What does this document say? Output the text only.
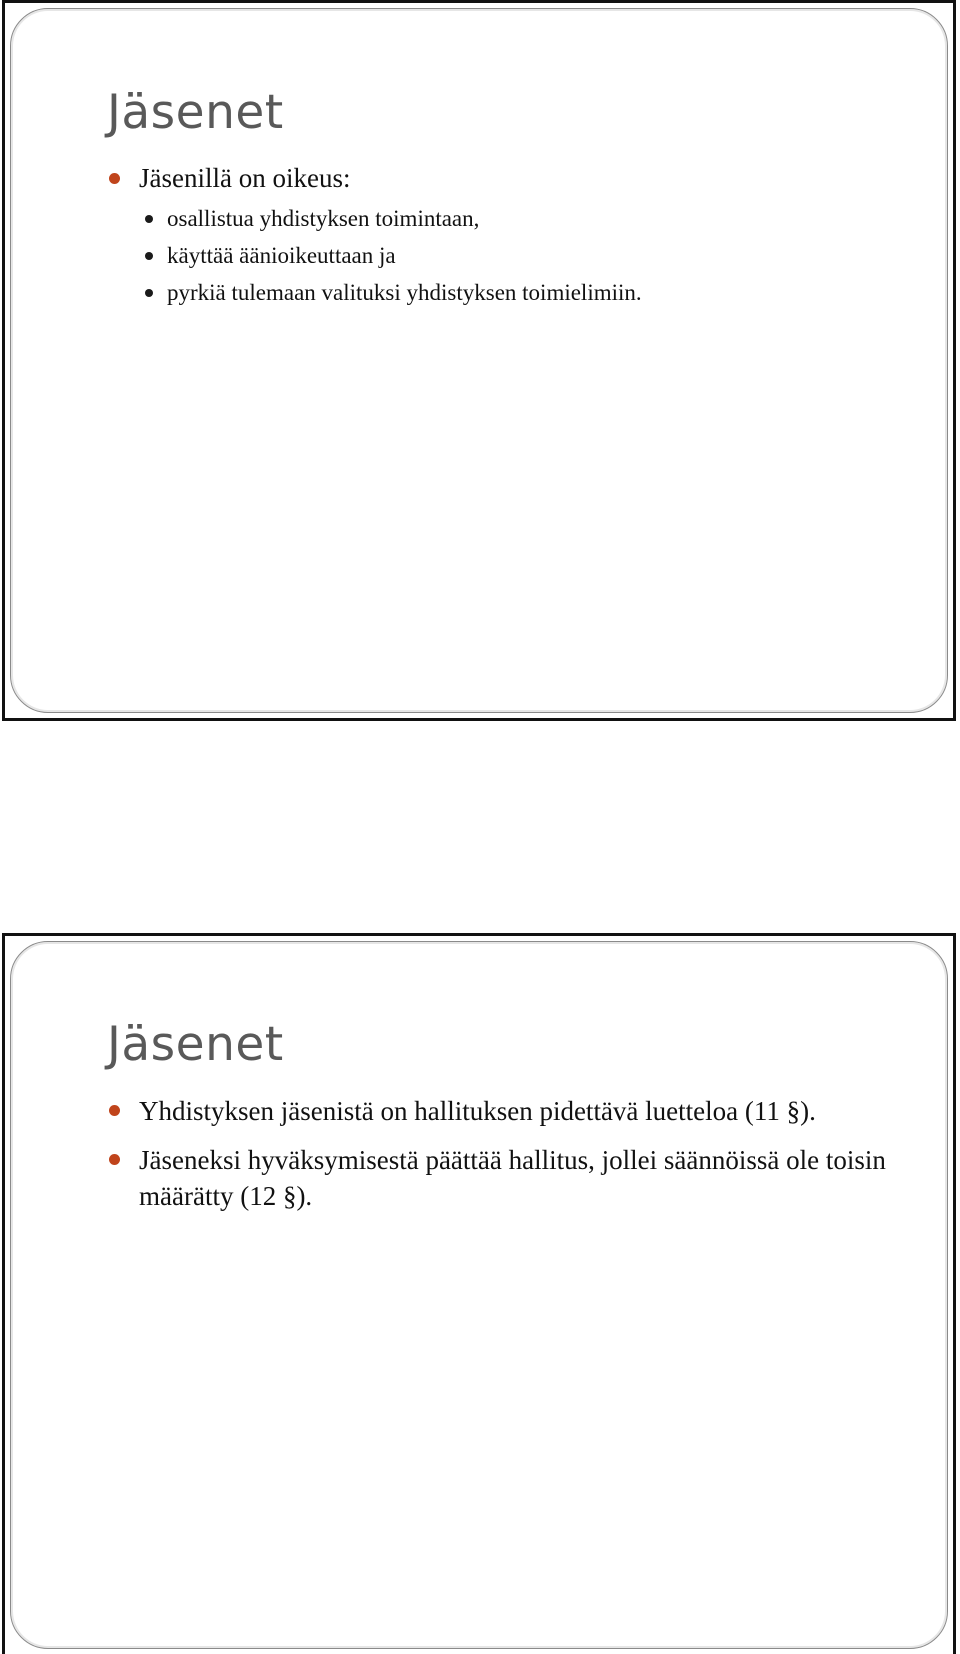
Jäsenet
Jäsenillä on oikeus:
osallistua yhdistyksen toimintaan,
käyttää äänioikeuttaan ja
pyrkiä tulemaan valituksi yhdistyksen toimielimiin.
Jäsenet
Yhdistyksen jäsenistä on hallituksen pidettävä luetteloa (11 §).
Jäseneksi hyväksymisestä päättää hallitus, jollei säännöissä ole toisin määrätty (12 §).
